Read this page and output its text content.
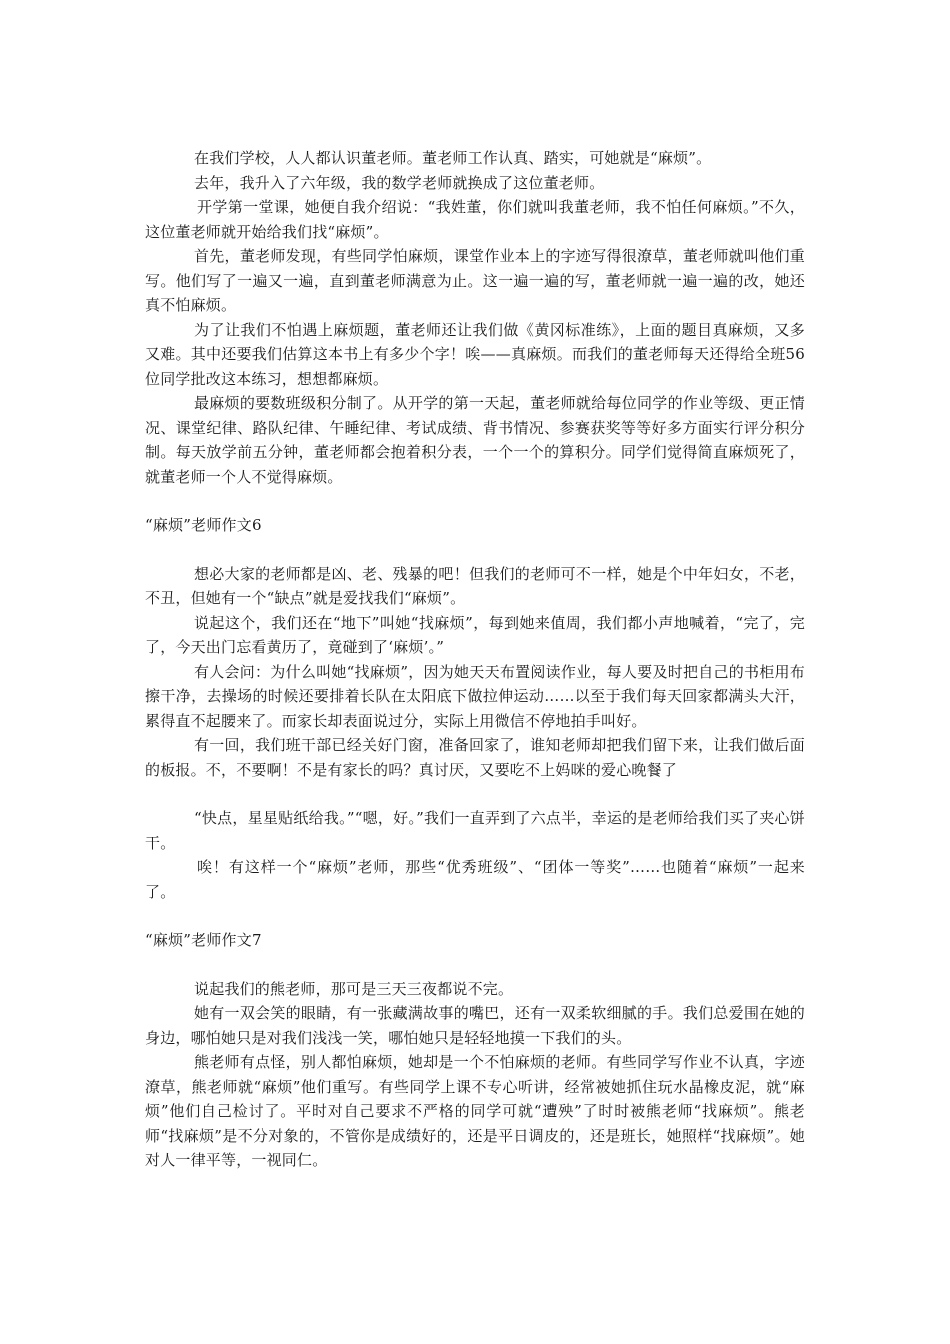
在我们学校，人人都认识董老师。董老师工作认真、踏实，可她就是“麻烦”。

去年，我升入了六年级，我的数学老师就换成了这位董老师。

开学第一堂课，她便自我介绍说：“我姓董，你们就叫我董老师，我不怕任何麻烦。”不久，这位董老师就开始给我们找“麻烦”。

首先，董老师发现，有些同学怕麻烦，课堂作业本上的字迹写得很潦草，董老师就叫他们重写。他们写了一遍又一遍，直到董老师满意为止。这一遍一遍的写，董老师就一遍一遍的改，她还真不怕麻烦。

为了让我们不怕遇上麻烦题，董老师还让我们做《黄冈标准练》，上面的题目真麻烦，又多又难。其中还要我们估算这本书上有多少个字！唉——真麻烦。而我们的董老师每天还得给全班56位同学批改这本练习，想想都麻烦。

最麻烦的要数班级积分制了。从开学的第一天起，董老师就给每位同学的作业等级、更正情况、课堂纪律、路队纪律、午睡纪律、考试成绩、背书情况、参赛获奖等等好多方面实行评分积分制。每天放学前五分钟，董老师都会抱着积分表，一个一个的算积分。同学们觉得简直麻烦死了，就董老师一个人不觉得麻烦。

“麻烦”老师作文6

想必大家的老师都是凶、老、残暴的吧！但我们的老师可不一样，她是个中年妇女，不老，不丑，但她有一个“缺点”就是爱找我们“麻烦”。

说起这个，我们还在“地下”叫她“找麻烦”，每到她来值周，我们都小声地喊着，“完了，完了，今天出门忘看黄历了，竟碰到了‘麻烦’。”

有人会问：为什么叫她“找麻烦”，因为她天天布置阅读作业，每人要及时把自己的书柜用布擦干净，去操场的时候还要排着长队在太阳底下做拉伸运动……以至于我们每天回家都满头大汗，累得直不起腰来了。而家长却表面说过分，实际上用微信不停地拍手叫好。

有一回，我们班干部已经关好门窗，准备回家了，谁知老师却把我们留下来，让我们做后面的板报。不，不要啊！不是有家长的吗？真讨厌，又要吃不上妈咪的爱心晚餐了

“快点，星星贴纸给我。”“嗯，好。”我们一直弄到了六点半，幸运的是老师给我们买了夹心饼干。

唉！有这样一个“麻烦”老师，那些“优秀班级”、“团体一等奖”……也随着“麻烦”一起来了。

“麻烦”老师作文7

说起我们的熊老师，那可是三天三夜都说不完。

她有一双会笑的眼睛，有一张藏满故事的嘴巴，还有一双柔软细腻的手。我们总爱围在她的身边，哪怕她只是对我们浅浅一笑，哪怕她只是轻轻地摸一下我们的头。

熊老师有点怪，别人都怕麻烦，她却是一个不怕麻烦的老师。有些同学写作业不认真，字迹潦草，熊老师就“麻烦”他们重写。有些同学上课不专心听讲，经常被她抓住玩水晶橡皮泥，就“麻烦”他们自己检讨了。平时对自己要求不严格的同学可就“遭殃”了时时被熊老师“找麻烦”。熊老师“找麻烦”是不分对象的，不管你是成绩好的，还是平日调皮的，还是班长，她照样“找麻烦”。她对人一律平等，一视同仁。
